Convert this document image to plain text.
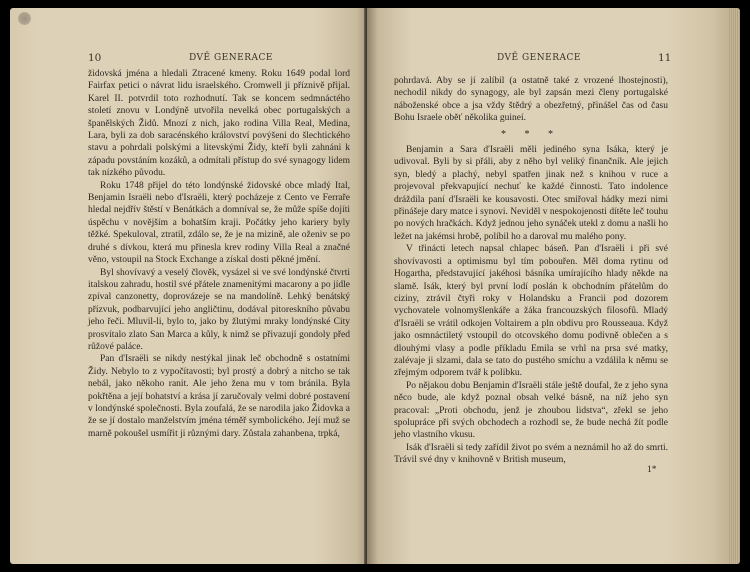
10	DVĚ GENERACE

židovská jména a hledali Ztracené kmeny. Roku 1649 podal lord Fairfax petici o návrat lidu israelského. Cromwell ji příznivě přijal. Karel II. potvrdil toto rozhodnutí. Tak se koncem sedmnáctého století znovu v Londýně utvořila nevelká obec portugalských a španělských Židů. Mnozí z nich, jako rodina Villa Real, Medina, Lara, byli za dob saracénského království povýšeni do šlechtického stavu a pohrdali polskými a litevskými Židy, kteří byli zahnáni k západu povstáním kozáků, a odmítali přístup do své synagogy lidem tak nízkého původu.

Roku 1748 přijel do této londýnské židovské obce mladý Ital, Benjamin Israëli nebo d'Israëli, který pocházeje z Cento ve Ferraře hledal nejdřív štěstí v Benátkách a domníval se, že může spíše dojíti úspěchu v novějším a bohatším kraji. Počátky jeho kariery byly těžké. Spekuloval, ztratil, zdálo se, že je na mizině, ale oženiv se po druhé s dívkou, která mu přinesla krev rodiny Villa Real a značné věno, vstoupil na Stock Exchange a získal dosti pěkné jmění.

Byl shovívavý a veselý člověk, vysázel si ve své londýnské čtvrti italskou zahradu, hostil své přátele znamenitými macarony a po jídle zpíval canzonetty, doprovázeje se na mandolíně. Lehký benátský přízvuk, podbarvující jeho angličtinu, dodával pitoreskního půvabu jeho řeči. Mluvil-li, bylo to, jako by žlutými mraky londýnské City prosvítalo zlato San Marca a kůly, k nimž se přivazují gondoly před růžové paláce.

Pan d'Israëli se nikdy nestýkal jinak leč obchodně s ostatními Židy. Nebylo to z vypočítavosti; byl prostý a dobrý a nitcho se tak nebál, jako někoho ranit. Ale jeho žena mu v tom bránila. Byla pokřtěna a její bohatství a krása jí zaručovaly velmi dobré postavení v londýnské společnosti. Byla zoufalá, že se narodila jako Židovka a že se jí dostalo manželstvím jména téměř symbolického. Její muž se marně pokoušel usmířit ji různými dary. Zůstala zahanbena, trpká,

DVĚ GENERACE	11

pohrdavá. Aby se jí zalíbil (a ostatně také z vrozené lhostejnosti), nechodil nikdy do synagogy, ale byl zapsán mezi členy portugalské náboženské obce a jsa vždy štědrý a obezřetný, přinášel čas od času Bohu Israele oběť několika guineí.

* * *

Benjamin a Sara d'Israëli měli jediného syna Isáka, který je udivoval. Byli by si přáli, aby z něho byl veliký finančník. Ale jejich syn, bledý a plachý, nebyl spatřen jinak než s knihou v ruce a projevoval překvapující nechuť ke každé činnosti. Tato indolence dráždila paní d'Israëli ke kousavosti. Otec smiřoval hádky mezi nimi přinášeje dary matce i synovi. Neviděl v nespokojenosti dítěte leč touhu po nových hračkách. Když jednou jeho synáček utekl z domu a našli ho ležet na jakémsi hrobě, políbil ho a daroval mu malého pony.

V třinácti letech napsal chlapec báseň. Pan d'Israëli i při své shovívavosti a optimismu byl tím pobouřen. Měl doma rytinu od Hogartha, představující jakéhosi básníka umírajícího hlady někde na slamě. Isák, který byl první lodí poslán k obchodním přátelům do ciziny, ztrávil čtyři roky v Holandsku a Francii pod dozorem vychovatele volnomyšlenkáře a žáka francouzských filosofů. Mladý d'Israëli se vrátil odkojen Voltairem a pln obdivu pro Rousseaua. Když jako osmnáctiletý vstoupil do otcovského domu podivně oblečen a s dlouhými vlasy a podle příkladu Emila se vrhl na prsa své matky, zalévaje ji slzami, dala se tato do pustého smíchu a vzdálila k němu se zřejmým odporem tvář k polibku.

Po nějakou dobu Benjamin d'Israëli stále ještě doufal, že z jeho syna něco bude, ale když poznal obsah velké básně, na níž jeho syn pracoval: „Proti obchodu, jenž je zhoubou lidstva“, zřekl se jeho spolupráce při svých obchodech a rozhodl se, že bude nechá žít podle jeho vlastního vkusu.

Isák d'Israëli si tedy zařídil život po svém a neznámil ho až do smrti. Trávil své dny v knihovně v British museum,

1*
